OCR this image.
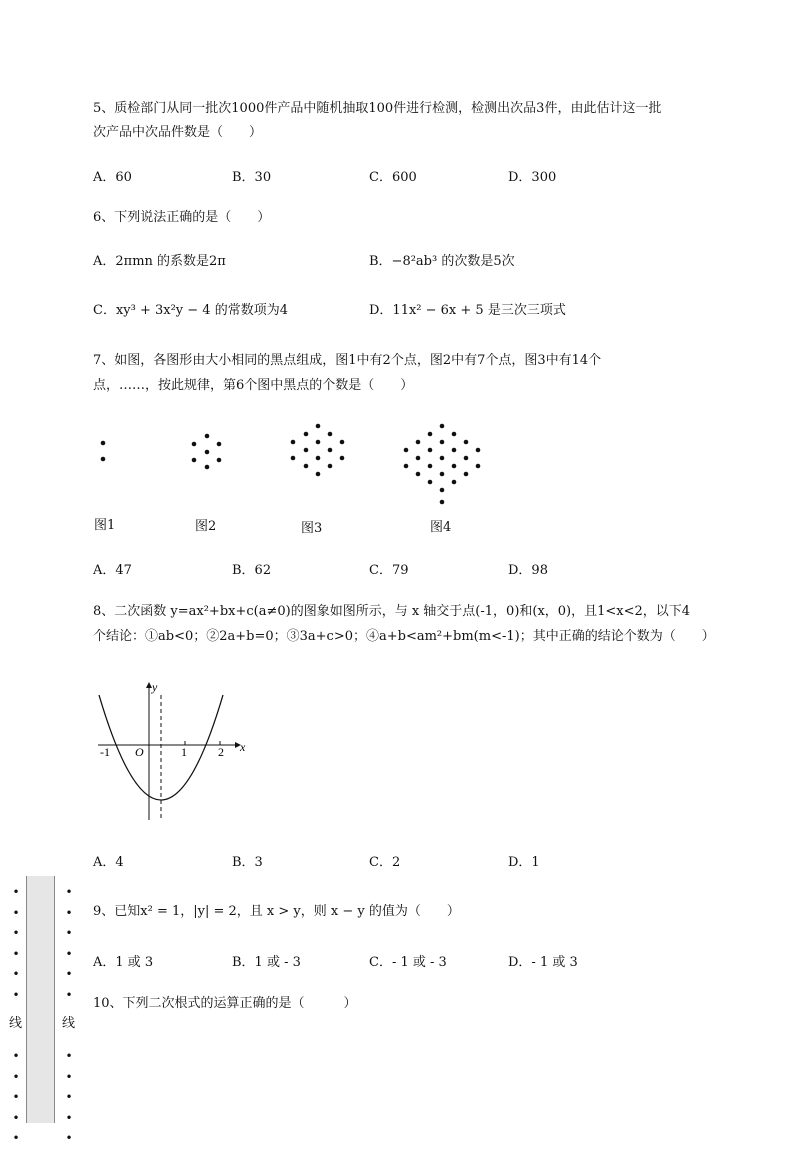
5、质检部门从同一批次1000件产品中随机抽取100件进行检测，检测出次品3件，由此估计这一批
次产品中次品件数是（　　）
A．60	B．30	C．600	D．300
6、下列说法正确的是（　　）
A．2πmn 的系数是2π	B．−8²ab³ 的次数是5次
C．xy³ + 3x²y − 4 的常数项为4	D．11x² − 6x + 5 是三次三项式
7、如图，各图形由大小相同的黑点组成，图1中有2个点，图2中有7个点，图3中有14个
点，……，按此规律，第6个图中黑点的个数是（　　）
图1	图2	图3	图4
A．47	B．62	C．79	D．98
8、二次函数 y=ax²+bx+c(a≠0)的图象如图所示，与 x 轴交于点(-1，0)和(x，0)，且1<x<2，以下4
个结论：①ab<0；②2a+b=0；③3a+c>0；④a+b<am²+bm(m<-1)；其中正确的结论个数为（　　）
y
x
O
-1	1	2
A．4	B．3	C．2	D．1
9、已知x² = 1，|y| = 2，且 x > y，则 x − y 的值为（　　）
A．1 或 3	B．1 或 - 3	C．- 1 或 - 3	D．- 1 或 3
10、下列二次根式的运算正确的是（　　　）
•
•
•
•
•
•

•
•
•
•
•

•
•
•
•
•
•

•
•
•
•
•

线	线
